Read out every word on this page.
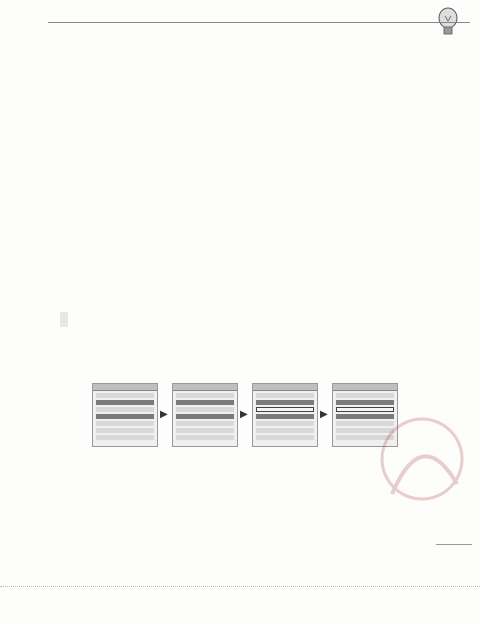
▶	▶	▶
